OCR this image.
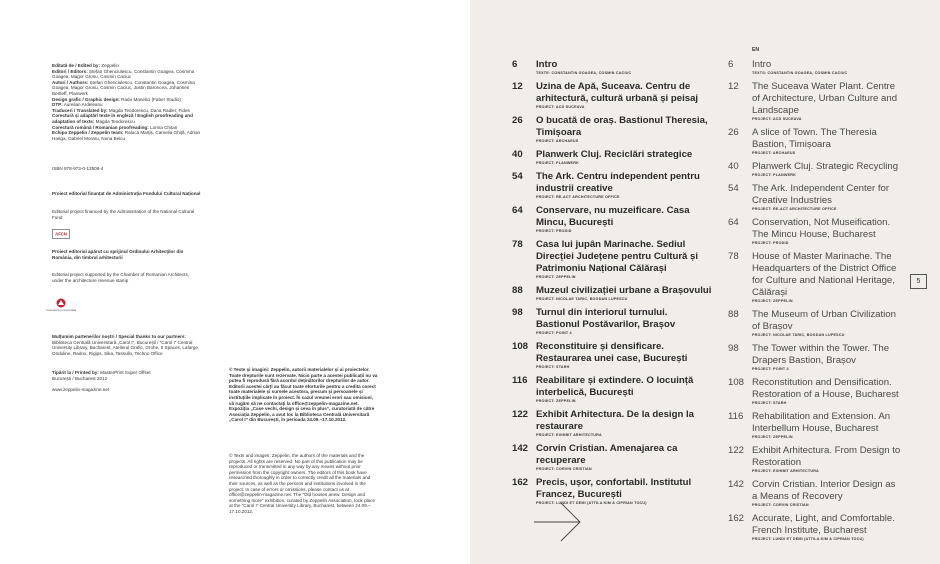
Editată de / Edited by: Zeppelin
Editori / Editors: Ștefan Ghenciulescu, Constantin Goagea, Cosmina Goagea, Magor Grosu, Cosmin Caciuc
Autori / Authors: Ștefan Ghenciulescu, Constantin Goagea, Cosmina Goagea, Magor Grosu, Cosmin Caciuc, Justin Baroncea, Johannes Bertleff, Planwerk
Design grafic / Graphic design: Radu Manelici (Faber Studio)
DTP: Aurelian Ardeleanu
Traduceri / Translated by: Magda Teodorescu, Dana Radler, Fides
Corectură și adaptări texte în engleză / English proofreading and adaptation of texts: Magda Teodorescu
Corectură română / Romanian proofreading: Lorina Chițan
Echipa Zeppelin / Zeppelin team: Raluca Marțiș, Camelia Ghiță, Adrian Hariga, Gabriel Moraru, Nona Beicu
ISBN 978-973-0-13508-4
Proiect editorial finanțat de Administrația Fondului Cultural Național
Editorial project financed by the Administration of the National Cultural Fund
AFCN
Proiect editorial apărut cu sprijinul Ordinului Arhitecților din România, din timbrul arhitecturii
Editorial project supported by the Chamber of Romanian Architects, under the architecture revenue stamp
ORDINUL ARHITECȚILOR DIN ROMÂNIA
Mulțumim partenerilor noștri / Special thanks to our partners:
Biblioteca Centrală Universitară „Carol I”, București / “Carol I” Central University Library, Bucharest, Atelierul Grafic, Grohe, II Spaces, Lafarge, Onduline, Radox, Rigips, Sika, Tassullo, Techno Office
Tipărit la / Printed by: MasterPrint Super Offset
București / Bucharest 2012
www.zeppelin-magazine.net
© Texte și imagini: Zeppelin, autorii materialelor și ai proiectelor. Toate drepturile sunt rezervate. Nicio parte a acestei publicații nu va putea fi reprodusă fără acordul deținătorilor drepturilor de autor. Editorii acestei cărți au făcut toate eforturile pentru a credita corect toate materialele și sursele acestora, precum și persoanele și instituțiile implicate în proiect. În cazul vreunei erori sau omisiuni, vă rugăm să ne contactați la office@zeppelin-magazine.net. Expoziția „Case vechi, design și ceva în plus”, curatoriată de către Asociația Zeppelin, a avut loc la Biblioteca Centrală Universitară „Carol I” din București, în perioada 24.09.–17.10.2012.
© Texts and images: Zeppelin, the authors of the materials and the projects. All rights are reserved. No part of this publication may be reproduced or transmitted in any way by any means without prior permission from the copyright owners. The editors of this book have researched thoroughly in order to correctly credit all the materials and their sources, as well as the persons and institutions involved in the project. In case of errors or omissions, please contact us at office@zeppelin-magazine.net. The “Old houses anew. Design and something more” exhibition, curated by Zeppelin Association, took place at the “Carol I” Central University Library, Bucharest, between 24.09.–17.10.2012.
6 Intro
TEXTE: CONSTANTIN GOAGEA, COSMIN CACIUC
12 Uzina de Apă, Suceava. Centru de arhitectură, cultură urbană și peisaj
PROIECT: ACD SUCEAVA
26 O bucată de oraș. Bastionul Theresia, Timișoara
PROIECT: ARCHAEUS
40 Planwerk Cluj. Reciclări strategice
PROIECT: PLANWERK
54 The Ark. Centru independent pentru industrii creative
PROIECT: RE-ACT ARCHITECTURE OFFICE
64 Conservare, nu muzeificare. Casa Mincu, București
PROIECT: PRODID
78 Casa lui jupân Marinache. Sediul Direcției Județene pentru Cultură și Patrimoniu Național Călărași
PROIECT: ZEPPELIN
88 Muzeul civilizației urbane a Brașovului
PROIECT: NICOLAE TARIC, BOGDAN LUPESCU
98 Turnul din interiorul turnului. Bastionul Postăvarilor, Brașov
PROIECT: POINT 4
108 Reconstituire și densificare. Restaurarea unei case, București
PROIECT: STARH
116 Reabilitare și extindere. O locuință interbelică, București
PROIECT: ZEPPELIN
122 Exhibit Arhitectura. De la design la restaurare
PROIECT: EXHIBIT ARHITECTURA
142 Corvin Cristian. Amenajarea ca recuperare
PROIECT: CORVIN CRISTIAN
162 Precis, ușor, confortabil. Institutul Francez, București
PROIECT: LUNDI ET DEMI (ATTILA KIM & CIPRIAN TOCU)
EN
6 Intro
TEXTS: CONSTANTIN GOAGEA, COSMIN CACIUC
12 The Suceava Water Plant. Centre of Architecture, Urban Culture and Landscape
PROJECT: ACD SUCEAVA
26 A slice of Town. The Theresia Bastion, Timișoara
PROJECT: ARCHAEUS
40 Planwerk Cluj. Strategic Recycling
PROJECT: PLANWERK
54 The Ark. Independent Center for Creative Industries
PROJECT: RE-ACT ARCHITECTURE OFFICE
64 Conservation, Not Museification. The Mincu House, Bucharest
PROJECT: PRODID
78 House of Master Marinache. The Headquarters of the District Office for Culture and National Heritage, Călărași
PROJECT: ZEPPELIN
88 The Museum of Urban Civilization of Brașov
PROJECT: NICOLAE TARIC, BOGDAN LUPESCU
98 The Tower within the Tower. The Drapers Bastion, Brașov
PROJECT: POINT 4
108 Reconstitution and Densification. Restoration of a House, Bucharest
PROJECT: STARH
116 Rehabilitation and Extension. An Interbellum House, Bucharest
PROJECT: ZEPPELIN
122 Exhibit Arhitectura. From Design to Restoration
PROJECT: EXHIBIT ARHITECTURA
142 Corvin Cristian. Interior Design as a Means of Recovery
PROJECT: CORVIN CRISTIAN
162 Accurate, Light, and Comfortable. French Institute, Bucharest
PROJECT: LUNDI ET DEMI (ATTILA KIM & CIPRIAN TOCU)
5
